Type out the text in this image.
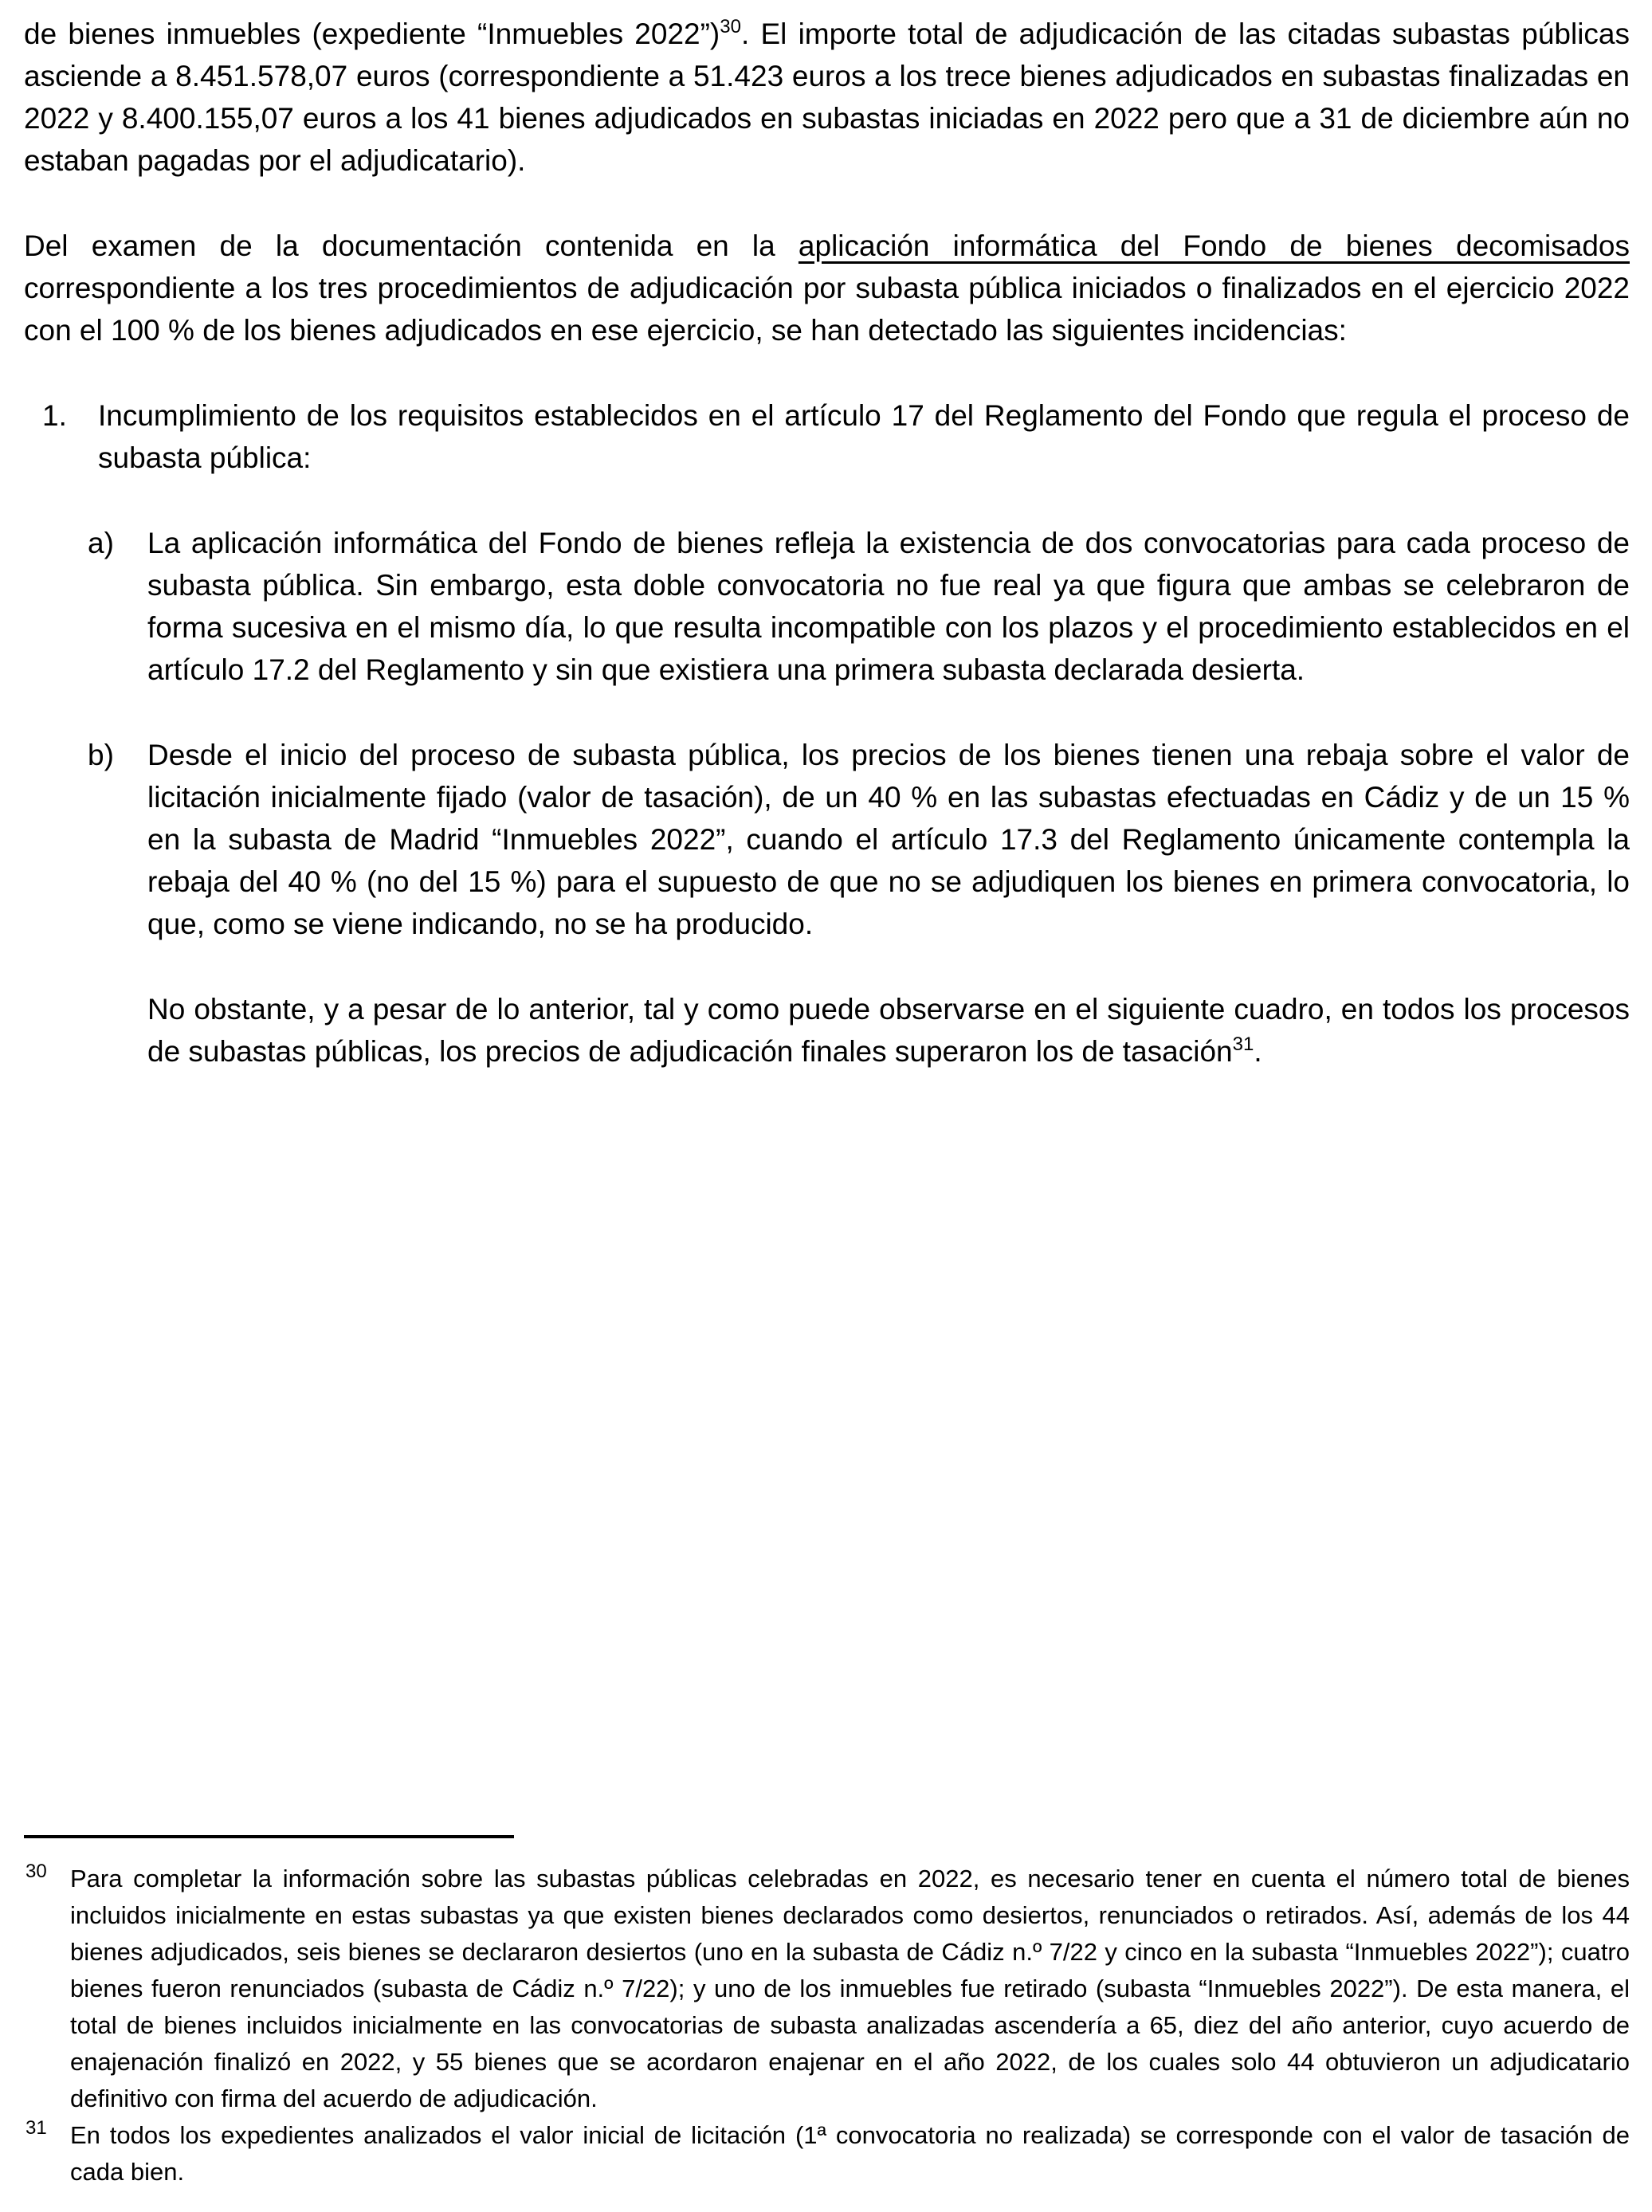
de bienes inmuebles (expediente “Inmuebles 2022”)$^{30}$. El importe total de adjudicación de las citadas subastas públicas asciende a 8.451.578,07 euros (correspondiente a 51.423 euros a los trece bienes adjudicados en subastas finalizadas en 2022 y 8.400.155,07 euros a los 41 bienes adjudicados en subastas iniciadas en 2022 pero que a 31 de diciembre aún no estaban pagadas por el adjudicatario).

Del examen de la documentación contenida en la aplicación informática del Fondo de bienes decomisados correspondiente a los tres procedimientos de adjudicación por subasta pública iniciados o finalizados en el ejercicio 2022 con el 100 % de los bienes adjudicados en ese ejercicio, se han detectado las siguientes incidencias:

1. Incumplimiento de los requisitos establecidos en el artículo 17 del Reglamento del Fondo que regula el proceso de subasta pública:
a) La aplicación informática del Fondo de bienes refleja la existencia de dos convocatorias para cada proceso de subasta pública. Sin embargo, esta doble convocatoria no fue real ya que figura que ambas se celebraron de forma sucesiva en el mismo día, lo que resulta incompatible con los plazos y el procedimiento establecidos en el artículo 17.2 del Reglamento y sin que existiera una primera subasta declarada desierta.
b) Desde el inicio del proceso de subasta pública, los precios de los bienes tienen una rebaja sobre el valor de licitación inicialmente fijado (valor de tasación), de un 40 % en las subastas efectuadas en Cádiz y de un 15 % en la subasta de Madrid “Inmuebles 2022”, cuando el artículo 17.3 del Reglamento únicamente contempla la rebaja del 40 % (no del 15 %) para el supuesto de que no se adjudiquen los bienes en primera convocatoria, lo que, como se viene indicando, no se ha producido.

No obstante, y a pesar de lo anterior, tal y como puede observarse en el siguiente cuadro, en todos los procesos de subastas públicas, los precios de adjudicación finales superaron los de tasación$^{31}$.

30 Para completar la información sobre las subastas públicas celebradas en 2022, es necesario tener en cuenta el número total de bienes incluidos inicialmente en estas subastas ya que existen bienes declarados como desiertos, renunciados o retirados. Así, además de los 44 bienes adjudicados, seis bienes se declararon desiertos (uno en la subasta de Cádiz n.º 7/22 y cinco en la subasta “Inmuebles 2022”); cuatro bienes fueron renunciados (subasta de Cádiz n.º 7/22); y uno de los inmuebles fue retirado (subasta “Inmuebles 2022”). De esta manera, el total de bienes incluidos inicialmente en las convocatorias de subasta analizadas ascendería a 65, diez del año anterior, cuyo acuerdo de enajenación finalizó en 2022, y 55 bienes que se acordaron enajenar en el año 2022, de los cuales solo 44 obtuvieron un adjudicatario definitivo con firma del acuerdo de adjudicación.
31 En todos los expedientes analizados el valor inicial de licitación (1ª convocatoria no realizada) se corresponde con el valor de tasación de cada bien.
